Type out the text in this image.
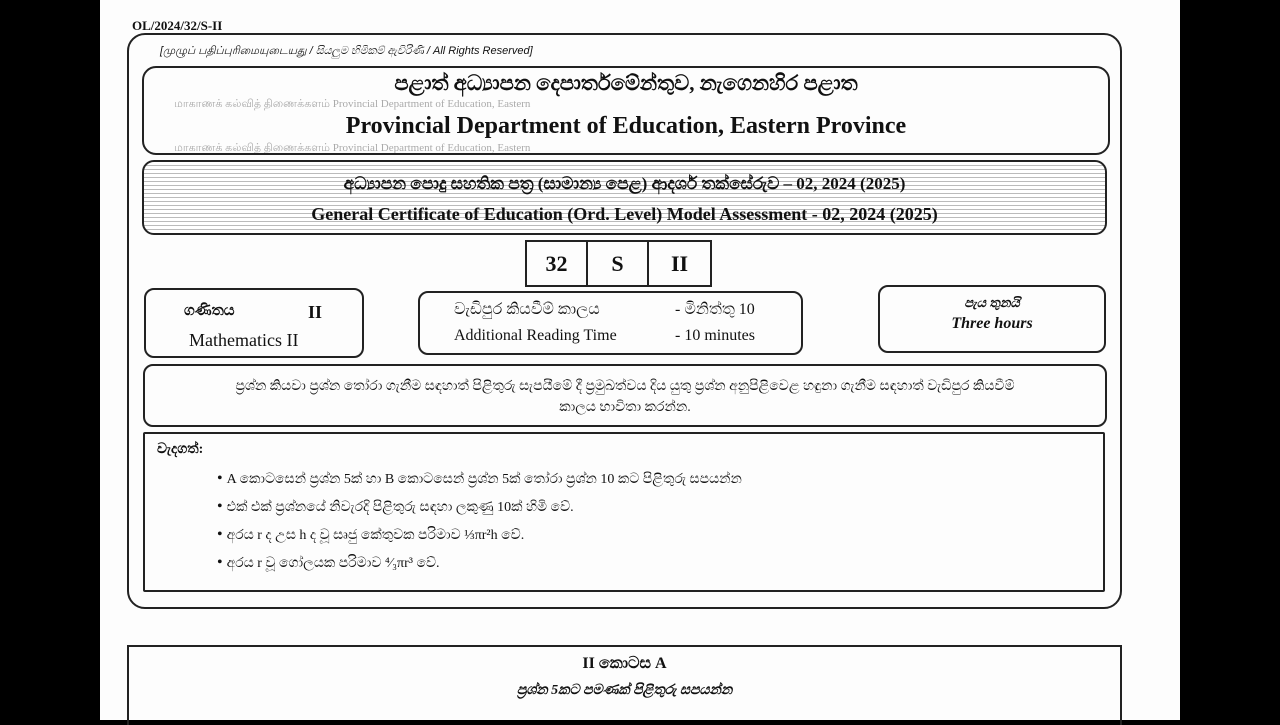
OL/2024/32/S-II
[முழுப் பதிப்புரிமையுடையது / සියලුම හිමිකම් ඇවිරිණි / All Rights Reserved]
පළාත් අධ්‍යාපන දෙපාර්තමේන්තුව, නැගෙනහිර පළාත
மாகாணக் கல்வித் திணைக்களம் Provincial Department of Education, Eastern
Provincial Department of Education, Eastern Province
மாகாணக் கல்வித் திணைக்களம் Provincial Department of Education, Eastern
අධ්‍යාපන පොදු සහතික පත්‍ර (සාමාන්‍ය පෙළ) ආදර්ශ තක්සේරුව – 02, 2024 (2025)
General Certificate of Education (Ord. Level) Model Assessment - 02, 2024 (2025)
32	S	II
ගණිතය	II
Mathematics II
වැඩිපුර කියවීම් කාලය	- මිනිත්තු 10
Additional Reading Time	- 10 minutes
පැය තුනයි
Three hours
ප්‍රශ්න කියවා ප්‍රශ්න තෝරා ගැනීම සඳහාත් පිළිතුරු සැපයීමේ දී ප්‍රමුඛත්වය දිය යුතු ප්‍රශ්න අනුපිළිවෙළ හඳුනා ගැනීම සඳහාත් වැඩිපුර කියවීම් කාලය භාවිතා කරන්න.
වැදගත්:
• A කොටසෙන් ප්‍රශ්න 5ක් හා B කොටසෙන් ප්‍රශ්න 5ක් තෝරා ප්‍රශ්න 10 කට පිළිතුරු සපයන්න
• එක් එක් ප්‍රශ්නයේ නිවැරදි පිළිතුරු සඳහා ලකුණු 10ක් හිමි වේ.
• අරය r ද උස h ද වූ සෘජු කේතුවක පරිමාව ⅓πr²h වේ.
• අරය r වූ ගෝලයක පරිමාව ⁴⁄₃πr³ වේ.
II කොටස A
ප්‍රශ්න 5කට පමණක් පිළිතුරු සපයන්න
